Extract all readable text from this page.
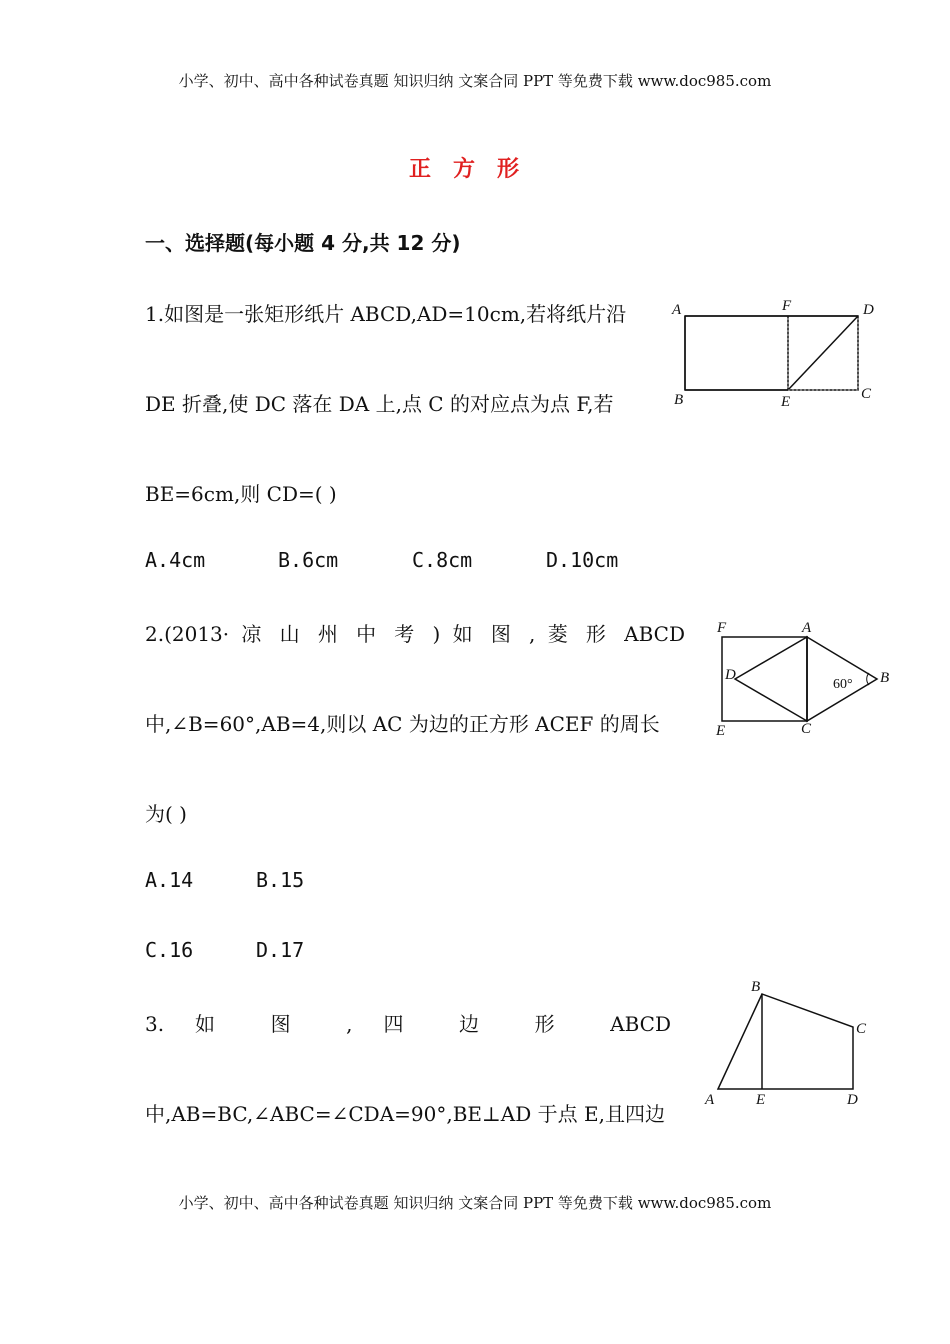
小学、初中、高中各种试卷真题 知识归纳 文案合同 PPT 等免费下载 www.doc985.com
正方形
一、选择题(每小题 4 分,共 12 分)
1.如图是一张矩形纸片 ABCD,AD=10cm,若将纸片沿
DE 折叠,使 DC 落在 DA 上,点 C 的对应点为点 F,若
BE=6cm,则 CD=( )
A.4cm	B.6cm	C.8cm	D.10cm
A	F	D
B	E	C
2.(2013· 凉 山 州 中 考 ) 如 图 , 菱 形 ABCD
中,∠B=60°,AB=4,则以 AC 为边的正方形 ACEF 的周长
为( )
A.14	B.15
C.16	D.17
F	A
D	B
E	C
60°
3. 如 图 , 四 边 形 ABCD
中,AB=BC,∠ABC=∠CDA=90°,BE⊥AD 于点 E,且四边
B
C
A	E	D
小学、初中、高中各种试卷真题 知识归纳 文案合同 PPT 等免费下载 www.doc985.com
